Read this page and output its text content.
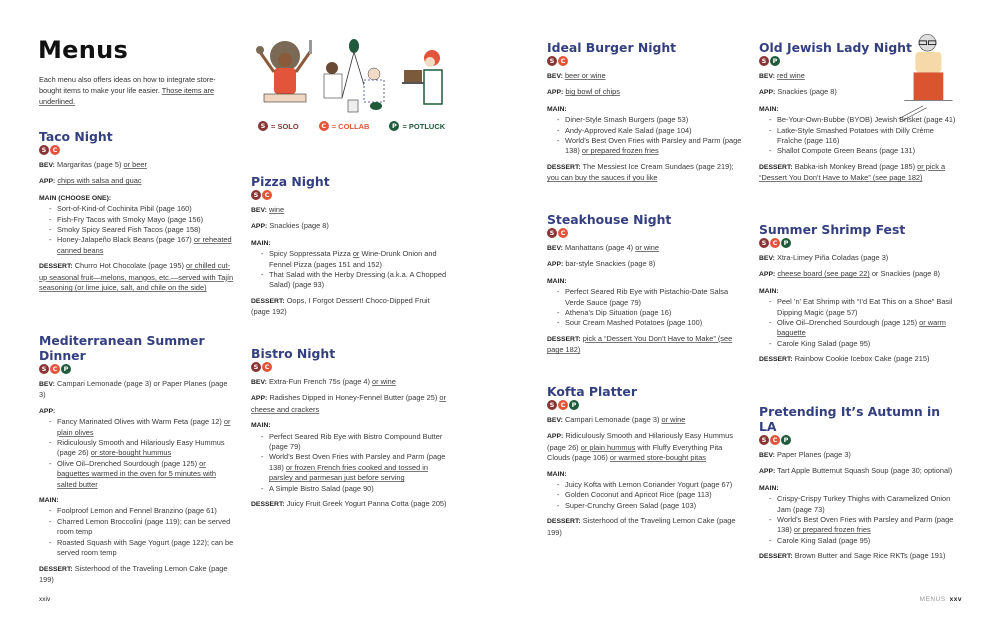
Menus
Each menu also offers ideas on how to integrate store-bought items to make your life easier. Those items are underlined.
S = SOLO	C = COLLAB	P = POTLUCK
Taco Night
S C
BEV: Margaritas (page 5) or beer
APP: chips with salsa and guac
MAIN (CHOOSE ONE):
- Sort-of-Kind-of Cochinita Pibil (page 160)
- Fish-Fry Tacos with Smoky Mayo (page 156)
- Smoky Spicy Seared Fish Tacos (page 158)
- Honey-Jalapeño Black Beans (page 167) or reheated canned beans
DESSERT: Churro Hot Chocolate (page 195) or chilled cut-up seasonal fruit—melons, mangos, etc.—served with Tajín seasoning (or lime juice, salt, and chile on the side)
Mediterranean Summer Dinner
S C P
BEV: Campari Lemonade (page 3) or Paper Planes (page 3)
APP:
- Fancy Marinated Olives with Warm Feta (page 12) or plain olives
- Ridiculously Smooth and Hilariously Easy Hummus (page 26) or store-bought hummus
- Olive Oil–Drenched Sourdough (page 125) or baguettes warmed in the oven for 5 minutes with salted butter
MAIN:
- Foolproof Lemon and Fennel Branzino (page 61)
- Charred Lemon Broccolini (page 119); can be served room temp
- Roasted Squash with Sage Yogurt (page 122); can be served room temp
DESSERT: Sisterhood of the Traveling Lemon Cake (page 199)
Pizza Night
S C
BEV: wine
APP: Snackies (page 8)
MAIN:
- Spicy Soppressata Pizza or Wine-Drunk Onion and Fennel Pizza (pages 151 and 152)
- That Salad with the Herby Dressing (a.k.a. A Chopped Salad) (page 93)
DESSERT: Oops, I Forgot Dessert! Choco-Dipped Fruit (page 192)
Bistro Night
S C
BEV: Extra-Fun French 75s (page 4) or wine
APP: Radishes Dipped in Honey-Fennel Butter (page 25) or cheese and crackers
MAIN:
- Perfect Seared Rib Eye with Bistro Compound Butter (page 79)
- World’s Best Oven Fries with Parsley and Parm (page 138) or frozen French fries cooked and tossed in parsley and parmesan just before serving
- A Simple Bistro Salad (page 90)
DESSERT: Juicy Fruit Greek Yogurt Panna Cotta (page 205)
Ideal Burger Night
S C
BEV: beer or wine
APP: big bowl of chips
MAIN:
- Diner-Style Smash Burgers (page 53)
- Andy-Approved Kale Salad (page 104)
- World’s Best Oven Fries with Parsley and Parm (page 138) or prepared frozen fries
DESSERT: The Messiest Ice Cream Sundaes (page 219); you can buy the sauces if you like
Steakhouse Night
S C
BEV: Manhattans (page 4) or wine
APP: bar-style Snackies (page 8)
MAIN:
- Perfect Seared Rib Eye with Pistachio-Date Salsa Verde Sauce (page 79)
- Athena’s Dip Situation (page 16)
- Sour Cream Mashed Potatoes (page 100)
DESSERT: pick a “Dessert You Don’t Have to Make” (see page 182)
Kofta Platter
S C P
BEV: Campari Lemonade (page 3) or wine
APP: Ridiculously Smooth and Hilariously Easy Hummus (page 26) or plain hummus with Fluffy Everything Pita Clouds (page 106) or warmed store-bought pitas
MAIN:
- Juicy Kofta with Lemon Coriander Yogurt (page 67)
- Golden Coconut and Apricot Rice (page 113)
- Super-Crunchy Green Salad (page 103)
DESSERT: Sisterhood of the Traveling Lemon Cake (page 199)
Old Jewish Lady Night
S P
BEV: red wine
APP: Snackies (page 8)
MAIN:
- Be-Your-Own-Bubbe (BYOB) Jewish Brisket (page 41)
- Latke-Style Smashed Potatoes with Dilly Crème Fraîche (page 116)
- Shallot Compote Green Beans (page 131)
DESSERT: Babka-ish Monkey Bread (page 185) or pick a “Dessert You Don’t Have to Make” (see page 182)
Summer Shrimp Fest
S C P
BEV: Xtra-Limey Piña Coladas (page 3)
APP: cheese board (see page 22) or Snackies (page 8)
MAIN:
- Peel ’n’ Eat Shrimp with “I’d Eat This on a Shoe” Basil Dipping Magic (page 57)
- Olive Oil–Drenched Sourdough (page 125) or warm baguette
- Carole King Salad (page 95)
DESSERT: Rainbow Cookie Icebox Cake (page 215)
Pretending It’s Autumn in LA
S C P
BEV: Paper Planes (page 3)
APP: Tart Apple Butternut Squash Soup (page 30; optional)
MAIN:
- Crispy-Crispy Turkey Thighs with Caramelized Onion Jam (page 73)
- World’s Best Oven Fries with Parsley and Parm (page 138) or prepared frozen fries
- Carole King Salad (page 95)
DESSERT: Brown Butter and Sage Rice RKTs (page 191)
xxiv	MENUS xxv
